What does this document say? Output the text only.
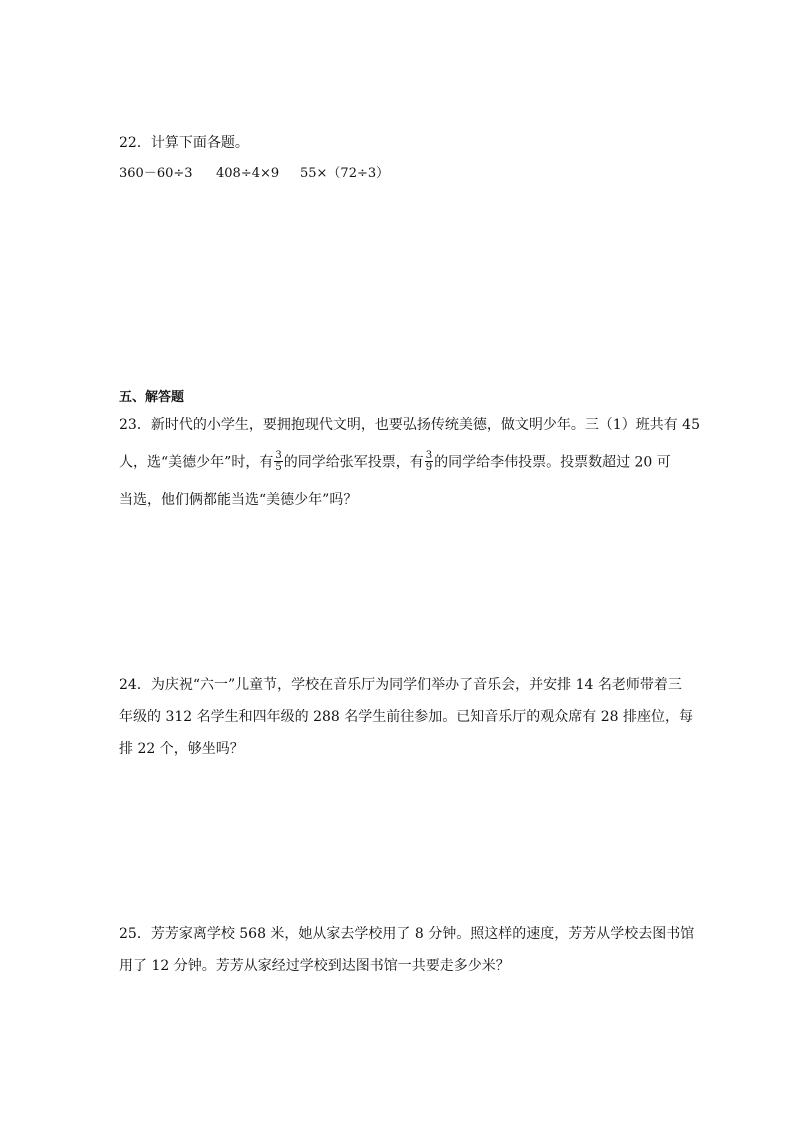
22．计算下面各题。
360－60÷3 408÷4×9 55×（72÷3）
五、解答题
23．新时代的小学生，要拥抱现代文明，也要弘扬传统美德，做文明少年。三（1）班共有 45
人，选“美德少年”时，有 $\frac{3}{5}$ 的同学给张军投票，有 $\frac{3}{9}$ 的同学给李伟投票。投票数超过 20 可
当选，他们俩都能当选“美德少年”吗？
24．为庆祝“六一”儿童节，学校在音乐厅为同学们举办了音乐会，并安排 14 名老师带着三
年级的 312 名学生和四年级的 288 名学生前往参加。已知音乐厅的观众席有 28 排座位，每
排 22 个，够坐吗？
25．芳芳家离学校 568 米，她从家去学校用了 8 分钟。照这样的速度，芳芳从学校去图书馆
用了 12 分钟。芳芳从家经过学校到达图书馆一共要走多少米？
